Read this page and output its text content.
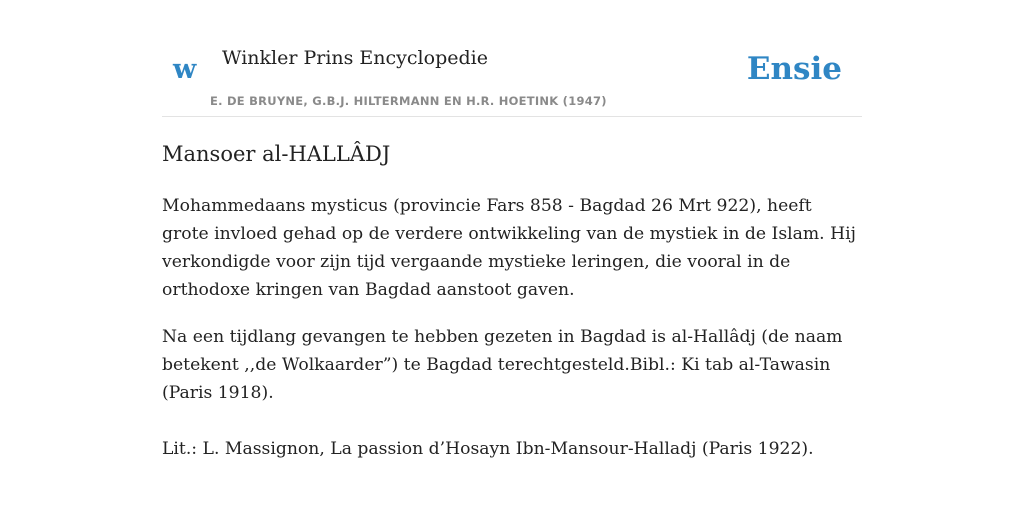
w Winkler Prins Encyclopedie
E. DE BRUYNE, G.B.J. HILTERMANN EN H.R. HOETINK (1947)
Ensie
Mansoer al-HALLÂDJ

Mohammedaans mysticus (provincie Fars 858 - Bagdad 26 Mrt 922), heeft grote invloed gehad op de verdere ontwikkeling van de mystiek in de Islam. Hij verkondigde voor zijn tijd vergaande mystieke leringen, die vooral in de orthodoxe kringen van Bagdad aanstoot gaven.

Na een tijdlang gevangen te hebben gezeten in Bagdad is al-Hallâdj (de naam betekent ,,de Wolkaarder”) te Bagdad terechtgesteld.Bibl.: Ki tab al-Tawasin (Paris 1918).

Lit.: L. Massignon, La passion d’Hosayn Ibn-Mansour-Halladj (Paris 1922).
